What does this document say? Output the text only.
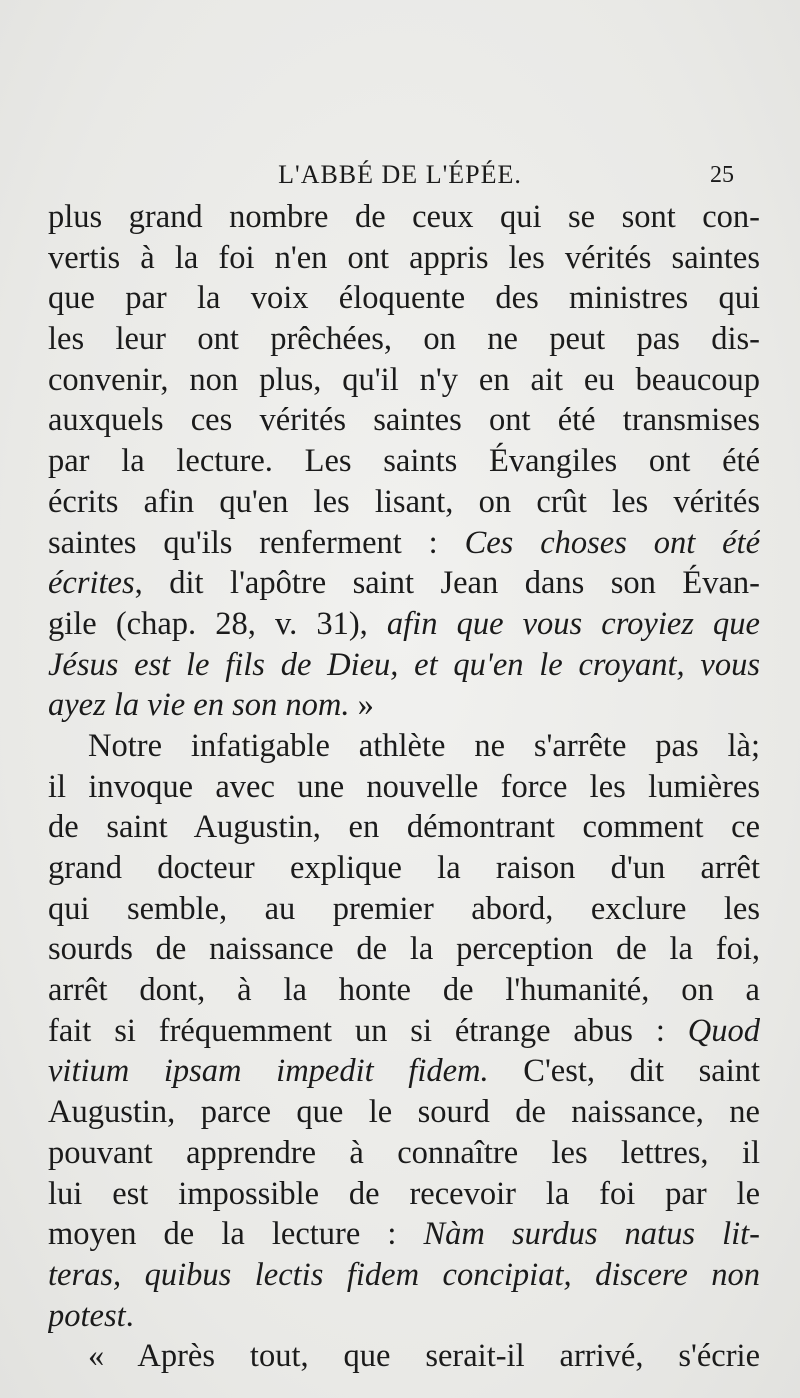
L'ABBÉ DE L'ÉPÉE.	25
plus grand nombre de ceux qui se sont con-
vertis à la foi n'en ont appris les vérités saintes
que par la voix éloquente des ministres qui
les leur ont prêchées, on ne peut pas dis-
convenir, non plus, qu'il n'y en ait eu beaucoup
auxquels ces vérités saintes ont été transmises
par la lecture. Les saints Évangiles ont été
écrits afin qu'en les lisant, on crût les vérités
saintes qu'ils renferment : Ces choses ont été
écrites, dit l'apôtre saint Jean dans son Évan-
gile (chap. 28, v. 31), afin que vous croyiez que
Jésus est le fils de Dieu, et qu'en le croyant, vous
ayez la vie en son nom. »
Notre infatigable athlète ne s'arrête pas là;
il invoque avec une nouvelle force les lumières
de saint Augustin, en démontrant comment ce
grand docteur explique la raison d'un arrêt
qui semble, au premier abord, exclure les
sourds de naissance de la perception de la foi,
arrêt dont, à la honte de l'humanité, on a
fait si fréquemment un si étrange abus : Quod
vitium ipsam impedit fidem. C'est, dit saint
Augustin, parce que le sourd de naissance, ne
pouvant apprendre à connaître les lettres, il
lui est impossible de recevoir la foi par le
moyen de la lecture : Nàm surdus natus lit-
teras, quibus lectis fidem concipiat, discere non
potest.
« Après tout, que serait-il arrivé, s'écrie
